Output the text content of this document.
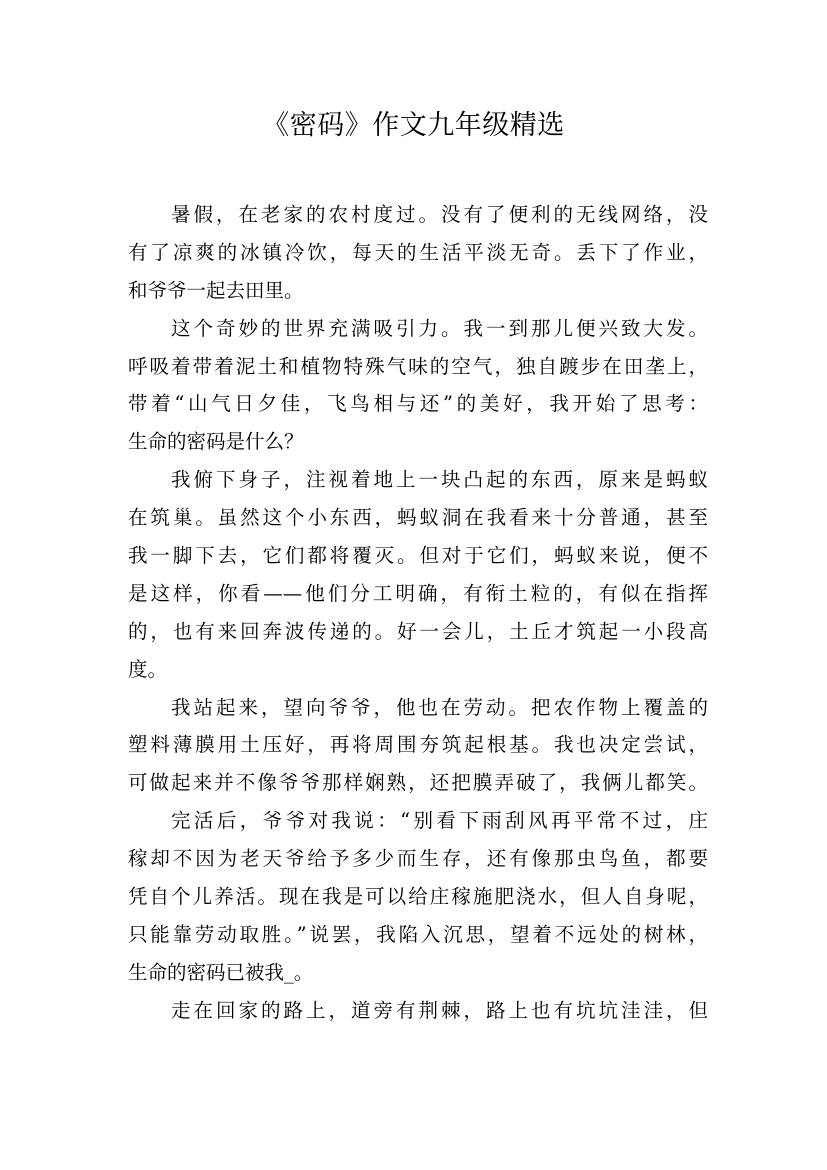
《密码》作文九年级精选
暑假，在老家的农村度过。没有了便利的无线网络，没
有了凉爽的冰镇冷饮，每天的生活平淡无奇。丢下了作业，
和爷爷一起去田里。
这个奇妙的世界充满吸引力。我一到那儿便兴致大发。
呼吸着带着泥土和植物特殊气味的空气，独自踱步在田垄上，
带着“山气日夕佳，飞鸟相与还”的美好，我开始了思考：
生命的密码是什么？
我俯下身子，注视着地上一块凸起的东西，原来是蚂蚁
在筑巢。虽然这个小东西，蚂蚁洞在我看来十分普通，甚至
我一脚下去，它们都将覆灭。但对于它们，蚂蚁来说，便不
是这样，你看——他们分工明确，有衔土粒的，有似在指挥
的，也有来回奔波传递的。好一会儿，土丘才筑起一小段高
度。
我站起来，望向爷爷，他也在劳动。把农作物上覆盖的
塑料薄膜用土压好，再将周围夯筑起根基。我也决定尝试，
可做起来并不像爷爷那样娴熟，还把膜弄破了，我俩儿都笑。
完活后，爷爷对我说：“别看下雨刮风再平常不过，庄
稼却不因为老天爷给予多少而生存，还有像那虫鸟鱼，都要
凭自个儿养活。现在我是可以给庄稼施肥浇水，但人自身呢，
只能靠劳动取胜。”说罢，我陷入沉思，望着不远处的树林，
生命的密码已被我_。
走在回家的路上，道旁有荆棘，路上也有坑坑洼洼，但
